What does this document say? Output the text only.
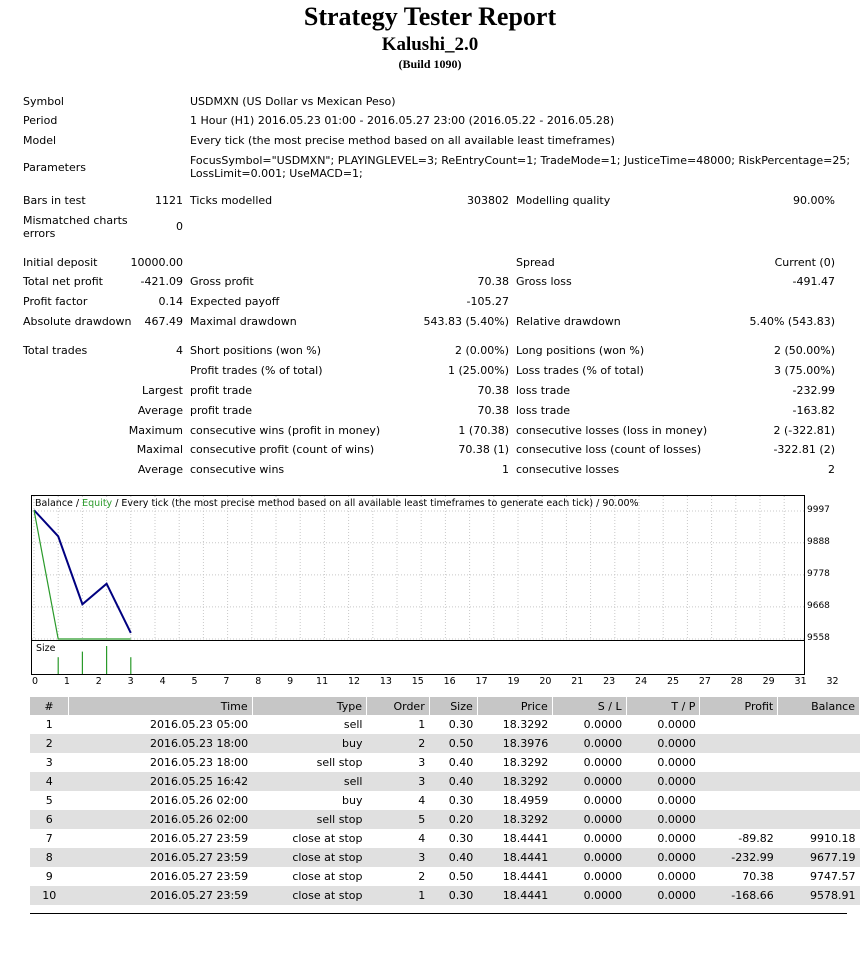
Strategy Tester Report
Kalushi_2.0
(Build 1090)
Symbol	USDMXN (US Dollar vs Mexican Peso)
Period	1 Hour (H1) 2016.05.23 01:00 - 2016.05.27 23:00 (2016.05.22 - 2016.05.28)
Model	Every tick (the most precise method based on all available least timeframes)
Parameters
FocusSymbol="USDMXN"; PLAYINGLEVEL=3; ReEntryCount=1; TradeMode=1; JusticeTime=48000; RiskPercentage=25;
LossLimit=0.001; UseMACD=1;
Bars in test	1121 Ticks modelled	303802 Modelling quality	90.00%
Mismatched charts
errors
0
Initial deposit	10000.00	Spread	Current (0)
Total net profit	-421.09 Gross profit	70.38 Gross loss	-491.47
Profit factor	0.14 Expected payoff	-105.27
Absolute drawdown 467.49 Maximal drawdown	543.83 (5.40%) Relative drawdown	5.40% (543.83)
Total trades	4 Short positions (won %)	2 (0.00%) Long positions (won %)	2 (50.00%)
Profit trades (% of total)	1 (25.00%) Loss trades (% of total)	3 (75.00%)
Largest profit trade	70.38 loss trade	-232.99
Average profit trade	70.38 loss trade	-163.82
Maximum consecutive wins (profit in money)	1 (70.38) consecutive losses (loss in money)	2 (-322.81)
Maximal consecutive profit (count of wins)	70.38 (1) consecutive loss (count of losses)	-322.81 (2)
Average consecutive wins	1 consecutive losses	2
Balance / Equity / Every tick (the most precise method based on all available least timeframes to generate each tick) / 90.00%
9997
9888
9778
9668
9558
Size
0	1	2	3	4	5	7	8	9	11	12	13	15	16	17	19	20	21	23	24	25	27	28	29	31	32
#	Time	Type	Order	Size	Price	S / L	T / P	Profit	Balance
1	2016.05.23 05:00	sell	1	0.30	18.3292	0.0000	0.0000		
2	2016.05.23 18:00	buy	2	0.50	18.3976	0.0000	0.0000		
3	2016.05.23 18:00	sell stop	3	0.40	18.3292	0.0000	0.0000		
4	2016.05.25 16:42	sell	3	0.40	18.3292	0.0000	0.0000		
5	2016.05.26 02:00	buy	4	0.30	18.4959	0.0000	0.0000		
6	2016.05.26 02:00	sell stop	5	0.20	18.3292	0.0000	0.0000		
7	2016.05.27 23:59	close at stop	4	0.30	18.4441	0.0000	0.0000	-89.82	9910.18
8	2016.05.27 23:59	close at stop	3	0.40	18.4441	0.0000	0.0000	-232.99	9677.19
9	2016.05.27 23:59	close at stop	2	0.50	18.4441	0.0000	0.0000	70.38	9747.57
10	2016.05.27 23:59	close at stop	1	0.30	18.4441	0.0000	0.0000	-168.66	9578.91
